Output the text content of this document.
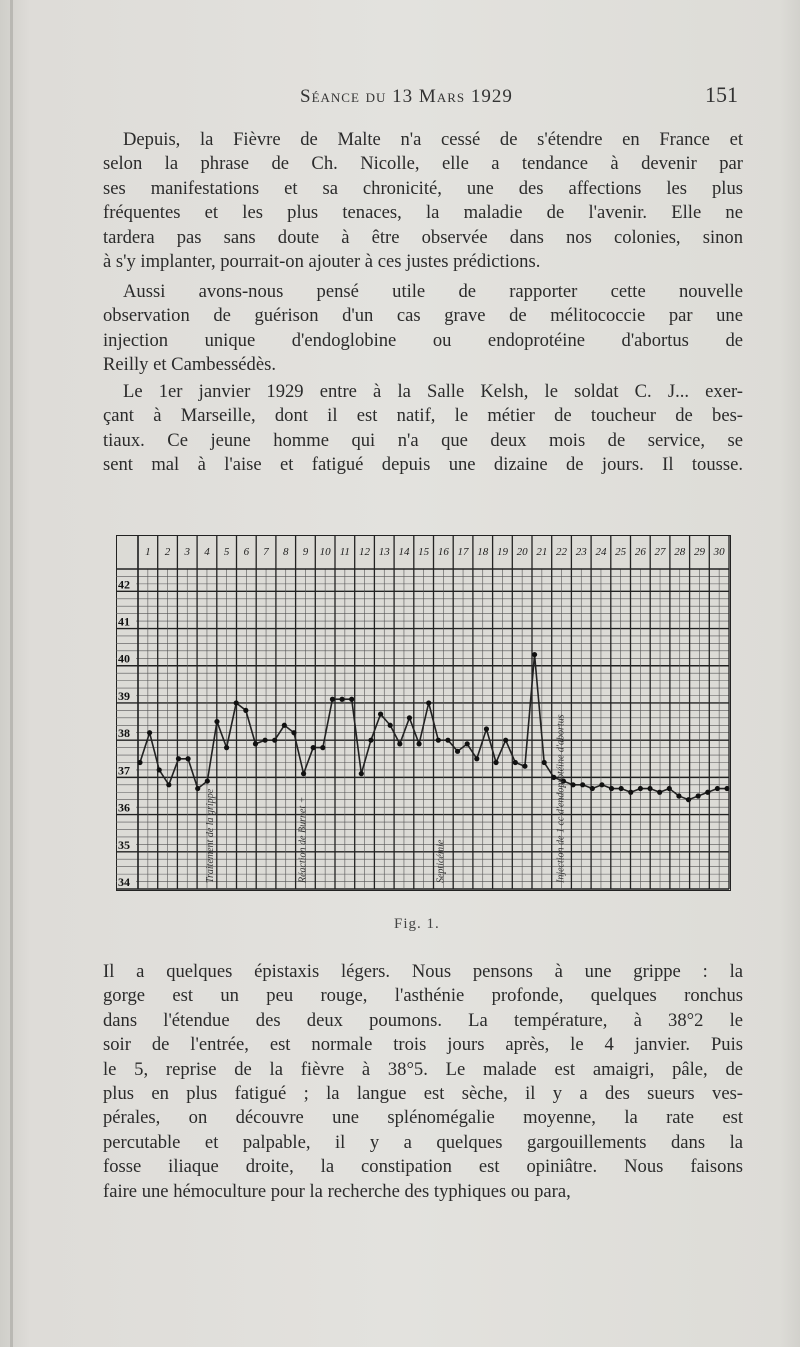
Séance du 13 Mars 1929	151
Depuis, la Fièvre de Malte n'a cessé de s'étendre en France et
selon la phrase de Ch. Nicolle, elle a tendance à devenir par
ses manifestations et sa chronicité, une des affections les plus
fréquentes et les plus tenaces, la maladie de l'avenir. Elle ne
tardera pas sans doute à être observée dans nos colonies, sinon
à s'y implanter, pourrait-on ajouter à ces justes prédictions.
Aussi avons-nous pensé utile de rapporter cette nouvelle
observation de guérison d'un cas grave de mélitococcie par une
injection unique d'endoglobine ou endoprotéine d'abortus de
Reilly et Cambessédès.
Le 1er janvier 1929 entre à la Salle Kelsh, le soldat C. J... exer-
çant à Marseille, dont il est natif, le métier de toucheur de bes-
tiaux. Ce jeune homme qui n'a que deux mois de service, se
sent mal à l'aise et fatigué depuis une dizaine de jours. Il tousse.
1 2 3 4 5 6 7 8 9 10 11 12 13 14 15 16 17 18 19 20 21 22 23 24 25 26 27 28 29 30
42
41
40
39
38
37
36
35
34	Traitement de la grippe	Réaction de Burnet +	Septicémie	Injection de 1 cc d'endoprotéine d'abortus
Fig. 1.
Il a quelques épistaxis légers. Nous pensons à une grippe : la
gorge est un peu rouge, l'asthénie profonde, quelques ronchus
dans l'étendue des deux poumons. La température, à 38°2 le
soir de l'entrée, est normale trois jours après, le 4 janvier. Puis
le 5, reprise de la fièvre à 38°5. Le malade est amaigri, pâle, de
plus en plus fatigué ; la langue est sèche, il y a des sueurs ves-
pérales, on découvre une splénomégalie moyenne, la rate est
percutable et palpable, il y a quelques gargouillements dans la
fosse iliaque droite, la constipation est opiniâtre. Nous faisons
faire une hémoculture pour la recherche des typhiques ou para,
